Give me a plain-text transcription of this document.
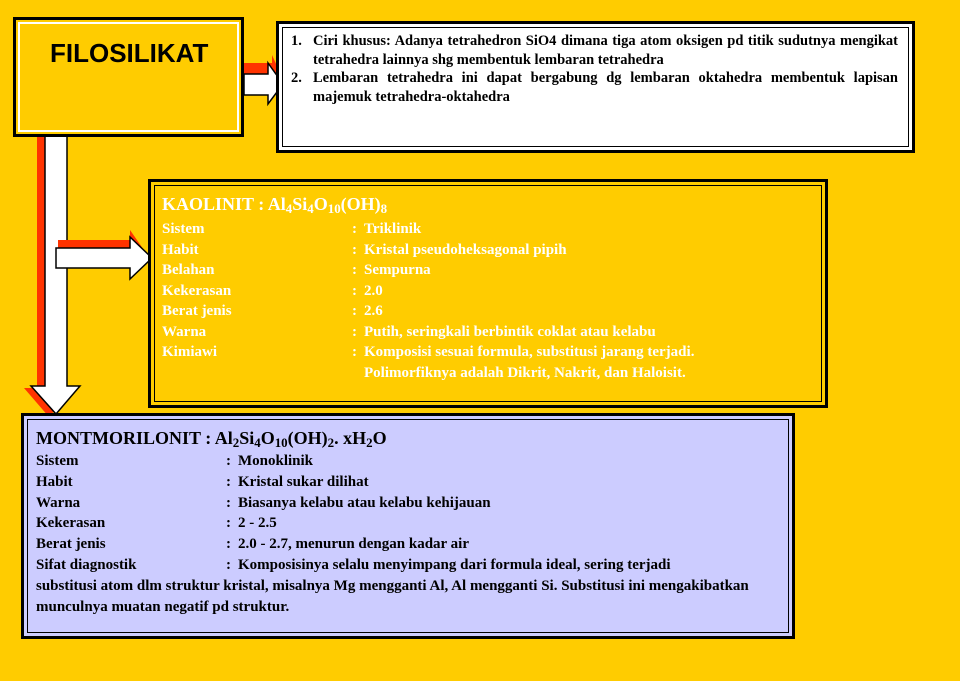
FILOSILIKAT	1. Ciri khusus: Adanya tetrahedron SiO4 dimana tiga atom oksigen pd titik sudutnya mengikat tetrahedra lainnya shg membentuk lembaran tetrahedra
2. Lembaran tetrahedra ini dapat bergabung dg lembaran oktahedra membentuk lapisan majemuk tetrahedra-oktahedra
KAOLINIT : $Al_4Si_4O_{10}(OH)_8$
Sistem	: Triklinik
Habit	: Kristal pseudoheksagonal pipih
Belahan	: Sempurna
Kekerasan	: 2.0
Berat jenis	: 2.6
Warna	: Putih, seringkali berbintik coklat atau kelabu
Kimiawi	: Komposisi sesuai formula, substitusi jarang terjadi.
Polimorfiknya adalah Dikrit, Nakrit, dan Haloisit.
MONTMORILONIT : $Al_2Si_4O_{10}(OH)_2$. $xH_2O$
Sistem	: Monoklinik
Habit	: Kristal sukar dilihat
Warna	: Biasanya kelabu atau kelabu kehijauan
Kekerasan	: 2 - 2.5
Berat jenis	: 2.0 - 2.7, menurun dengan kadar air
Sifat diagnostik	: Komposisinya selalu menyimpang dari formula ideal, sering terjadi
substitusi atom dlm struktur kristal, misalnya Mg mengganti Al, Al mengganti Si. Substitusi ini mengakibatkan munculnya muatan negatif pd struktur.
